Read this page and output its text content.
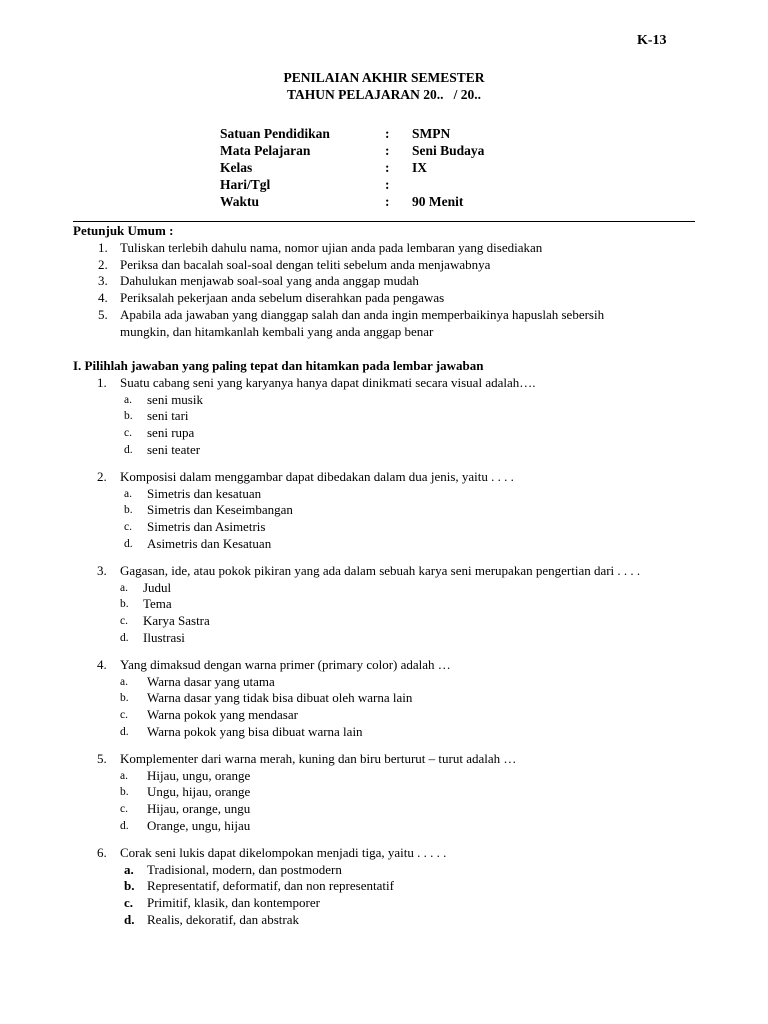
K-13
PENILAIAN AKHIR SEMESTER
TAHUN PELAJARAN 20..   / 20..
Satuan Pendidikan	:	SMPN
Mata Pelajaran	:	Seni Budaya
Kelas	:	IX
Hari/Tgl	:
Waktu	:	90 Menit
Petunjuk Umum :
1. Tuliskan terlebih dahulu nama, nomor ujian anda pada lembaran yang disediakan
2. Periksa dan bacalah soal-soal dengan teliti sebelum anda menjawabnya
3. Dahulukan menjawab soal-soal yang anda anggap mudah
4. Periksalah pekerjaan anda sebelum diserahkan pada pengawas
5. Apabila ada jawaban yang dianggap salah dan anda ingin memperbaikinya hapuslah sebersih mungkin, dan hitamkanlah kembali yang anda anggap benar
I. Pilihlah jawaban yang paling tepat dan hitamkan pada lembar jawaban
1.	Suatu cabang seni yang karyanya hanya dapat dinikmati secara visual adalah….
a.	seni musik
b.	seni tari
c.	seni rupa
d.	seni teater
2.	Komposisi dalam menggambar dapat dibedakan dalam dua jenis, yaitu . . . .
a.	Simetris dan kesatuan
b.	Simetris dan Keseimbangan
c.	Simetris dan Asimetris
d.	Asimetris dan Kesatuan
3.	Gagasan, ide, atau pokok pikiran yang ada dalam sebuah karya seni merupakan pengertian dari . . . .
a.	Judul
b.	Tema
c.	Karya Sastra
d.	Ilustrasi
4.	Yang dimaksud dengan warna primer (primary color) adalah …
a.	Warna dasar yang utama
b.	Warna dasar yang tidak bisa dibuat oleh warna lain
c.	Warna pokok yang mendasar
d.	Warna pokok yang bisa dibuat warna lain
5.	Komplementer dari warna merah, kuning dan biru berturut – turut adalah …
a.	Hijau, ungu, orange
b.	Ungu, hijau, orange
c.	Hijau, orange, ungu
d.	Orange, ungu, hijau
6.	Corak seni lukis dapat dikelompokan menjadi tiga, yaitu . . . . .
a.	Tradisional, modern, dan postmodern
b. Representatif, deformatif, dan non representatif
c.	Primitif, klasik, dan kontemporer
d. Realis, dekoratif, dan abstrak
